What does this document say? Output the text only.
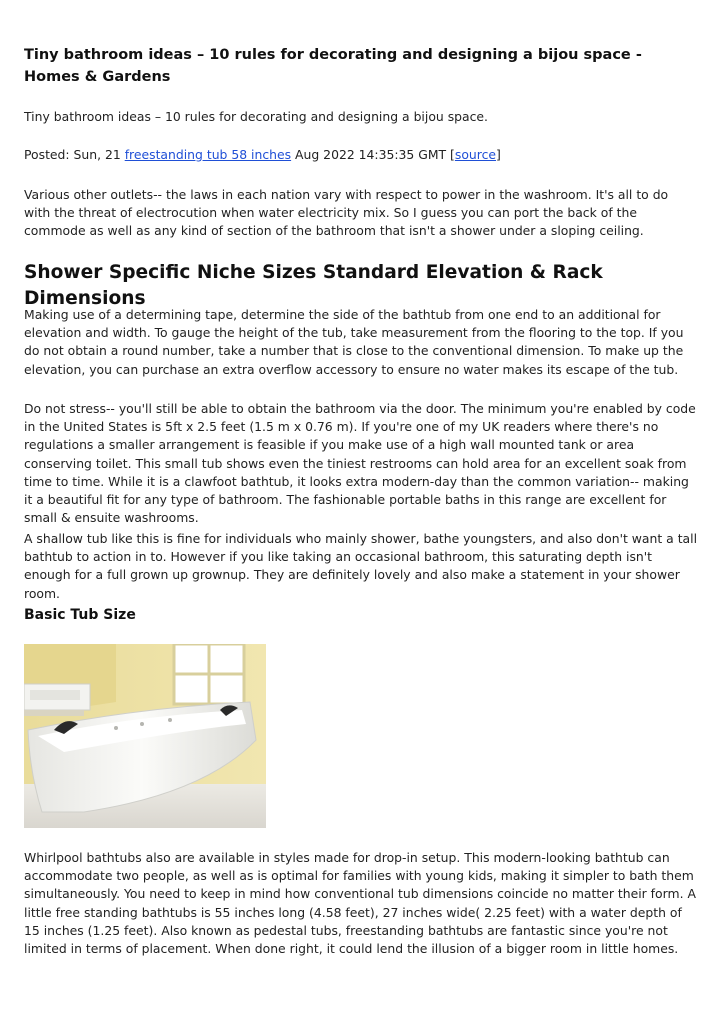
Tiny bathroom ideas – 10 rules for decorating and designing a bijou space - Homes & Gardens

Tiny bathroom ideas – 10 rules for decorating and designing a bijou space.

Posted: Sun, 21 freestanding tub 58 inches Aug 2022 14:35:35 GMT [source]

Various other outlets-- the laws in each nation vary with respect to power in the washroom. It's all to do with the threat of electrocution when water electricity mix. So I guess you can port the back of the commode as well as any kind of section of the bathroom that isn't a shower under a sloping ceiling.

Shower Specific Niche Sizes Standard Elevation & Rack Dimensions

Making use of a determining tape, determine the side of the bathtub from one end to an additional for elevation and width. To gauge the height of the tub, take measurement from the flooring to the top. If you do not obtain a round number, take a number that is close to the conventional dimension. To make up the elevation, you can purchase an extra overflow accessory to ensure no water makes its escape of the tub.

Do not stress-- you'll still be able to obtain the bathroom via the door. The minimum you're enabled by code in the United States is 5ft x 2.5 feet (1.5 m x 0.76 m). If you're one of my UK readers where there's no regulations a smaller arrangement is feasible if you make use of a high wall mounted tank or area conserving toilet. This small tub shows even the tiniest restrooms can hold area for an excellent soak from time to time. While it is a clawfoot bathtub, it looks extra modern-day than the common variation-- making it a beautiful fit for any type of bathroom. The fashionable portable baths in this range are excellent for small & ensuite washrooms.

A shallow tub like this is fine for individuals who mainly shower, bathe youngsters, and also don't want a tall bathtub to action in to. However if you like taking an occasional bathroom, this saturating depth isn't enough for a full grown up grownup. They are definitely lovely and also make a statement in your shower room.

Basic Tub Size

Whirlpool bathtubs also are available in styles made for drop-in setup. This modern-looking bathtub can accommodate two people, as well as is optimal for families with young kids, making it simpler to bath them simultaneously. You need to keep in mind how conventional tub dimensions coincide no matter their form. A little free standing bathtubs is 55 inches long (4.58 feet), 27 inches wide( 2.25 feet) with a water depth of 15 inches (1.25 feet). Also known as pedestal tubs, freestanding bathtubs are fantastic since you're not limited in terms of placement. When done right, it could lend the illusion of a bigger room in little homes.
